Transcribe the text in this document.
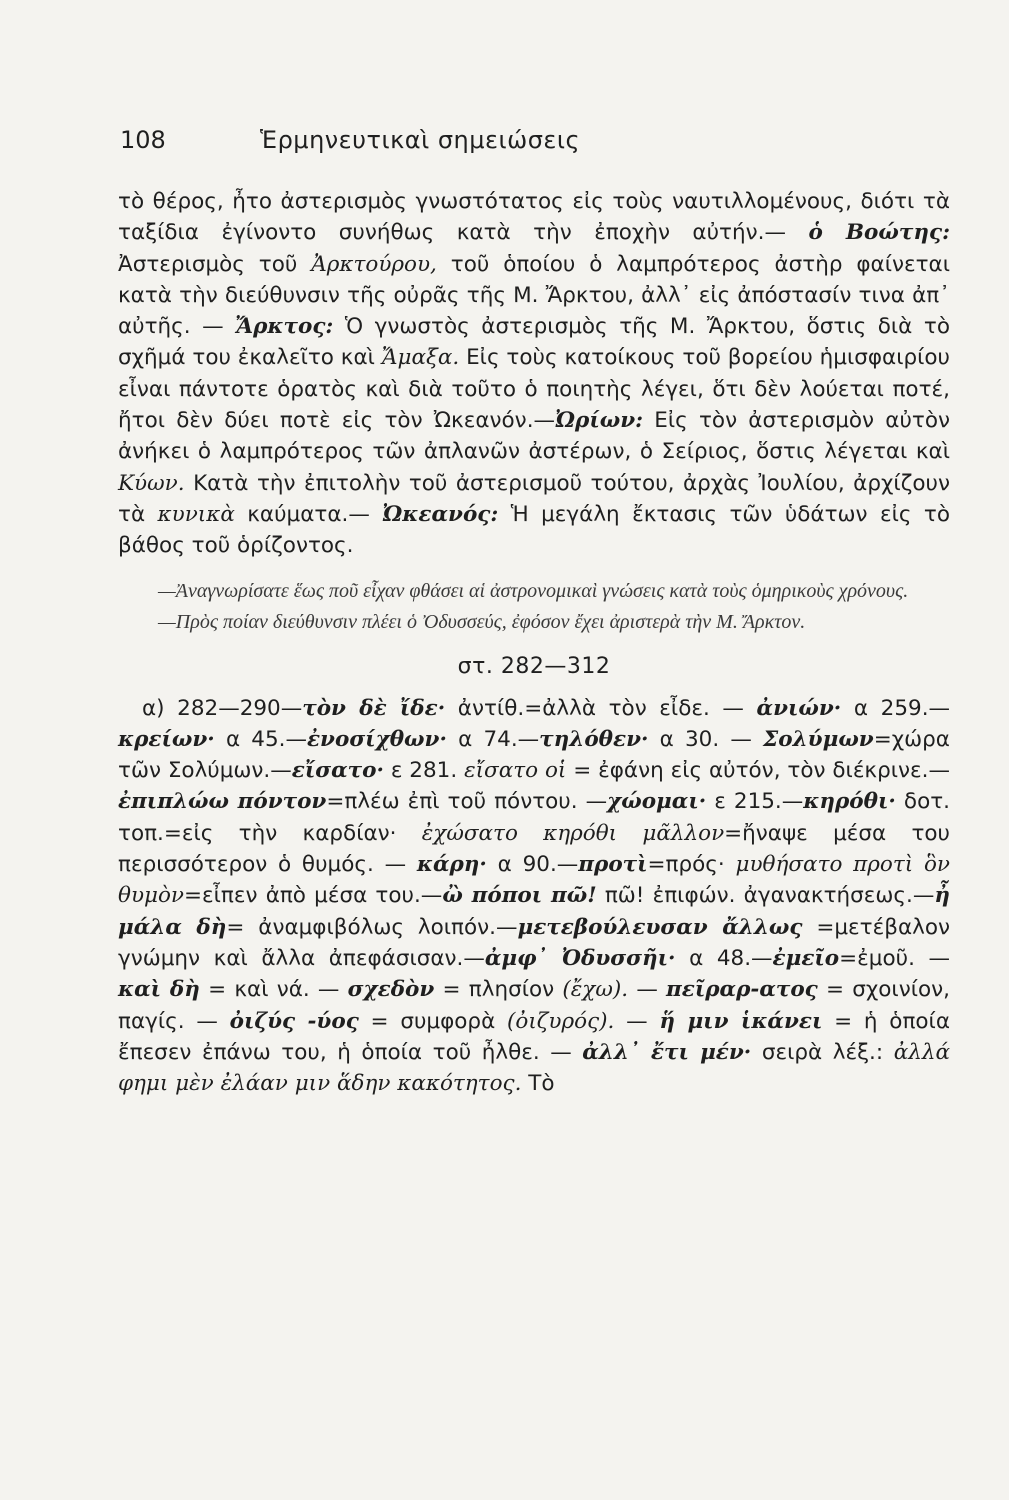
108	Ἑρμηνευτικαὶ σημειώσεις

τὸ θέρος, ἦτο ἀστερισμὸς γνωστότατος εἰς τοὺς ναυτιλλομένους, διότι τὰ ταξίδια ἐγίνοντο συνήθως κατὰ τὴν ἐποχὴν αὐτήν.— ὁ Βοώτης: Ἀστερισμὸς τοῦ Ἀρκτούρου, τοῦ ὁποίου ὁ λαμπρότερος ἀστὴρ φαίνεται κατὰ τὴν διεύθυνσιν τῆς οὐρᾶς τῆς Μ. Ἄρκτου, ἀλλ᾽ εἰς ἀπόστασίν τινα ἀπ᾽ αὐτῆς. — Ἄρκτος: Ὁ γνωστὸς ἀστερισμὸς τῆς Μ. Ἄρκτου, ὅστις διὰ τὸ σχῆμά του ἐκαλεῖτο καὶ Ἄμαξα. Εἰς τοὺς κατοίκους τοῦ βορείου ἡμισφαιρίου εἶναι πάντοτε ὁρατὸς καὶ διὰ τοῦτο ὁ ποιητὴς λέγει, ὅτι δὲν λούεται ποτέ, ἤτοι δὲν δύει ποτὲ εἰς τὸν Ὠκεανόν.—Ὠρίων: Εἰς τὸν ἀστερισμὸν αὐτὸν ἀνήκει ὁ λαμπρότερος τῶν ἀπλανῶν ἀστέρων, ὁ Σείριος, ὅστις λέγεται καὶ Κύων. Κατὰ τὴν ἐπιτολὴν τοῦ ἀστερισμοῦ τούτου, ἀρχὰς Ἰουλίου, ἀρχίζουν τὰ κυνικὰ καύματα.— Ὠκεανός: Ἡ μεγάλη ἔκτασις τῶν ὑδάτων εἰς τὸ βάθος τοῦ ὁρίζοντος.

—Ἀναγνωρίσατε ἕως ποῦ εἶχαν φθάσει αἱ ἀστρονομικαὶ γνώσεις κατὰ τοὺς ὁμηρικοὺς χρόνους.

—Πρὸς ποίαν διεύθυνσιν πλέει ὁ Ὀδυσσεύς, ἐφόσον ἔχει ἀριστερὰ τὴν Μ. Ἄρκτον.

στ. 282—312

α) 282—290—τὸν δὲ ἴδε· ἀντίθ.=ἀλλὰ τὸν εἶδε. — ἀνιών· α 259.—κρείων· α 45.—ἐνοσίχθων· α 74.—τηλόθεν· α 30. — Σολύμων=χώρα τῶν Σολύμων.—εἴσατο· ε 281. εἴσατο οἱ = ἐφάνη εἰς αὐτόν, τὸν διέκρινε.—ἐπιπλώω πόντον=πλέω ἐπὶ τοῦ πόντου. —χώομαι· ε 215.—κηρόθι· δοτ. τοπ.=εἰς τὴν καρδίαν· ἐχώσατο κηρόθι μᾶλλον=ἤναψε μέσα του περισσότερον ὁ θυμός. — κάρη· α 90.—προτὶ=πρός· μυθήσατο προτὶ ὃν θυμὸν=εἶπεν ἀπὸ μέσα του.—ὢ πόποι πῶ! πῶ! ἐπιφών. ἀγανακτήσεως.—ἦ μάλα δὴ= ἀναμφιβόλως λοιπόν.—μετεβούλευσαν ἄλλως =μετέβαλον γνώμην καὶ ἄλλα ἀπεφάσισαν.—ἀμφ᾽ Ὀδυσσῆι· α 48.—ἐμεῖο=ἐμοῦ. — καὶ δὴ = καὶ νά. — σχεδὸν = πλησίον (ἔχω). — πεῖραρ-ατος = σχοινίον, παγίς. — ὀιζύς -ύος = συμφορὰ (ὀιζυρός). — ἥ μιν ἱκάνει = ἡ ὁποία ἔπεσεν ἐπάνω του, ἡ ὁποία τοῦ ἦλθε. — ἀλλ᾽ ἔτι μέν· σειρὰ λέξ.: ἀλλά φημι μὲν ἐλάαν μιν ἅδην κακότητος. Τὸ
